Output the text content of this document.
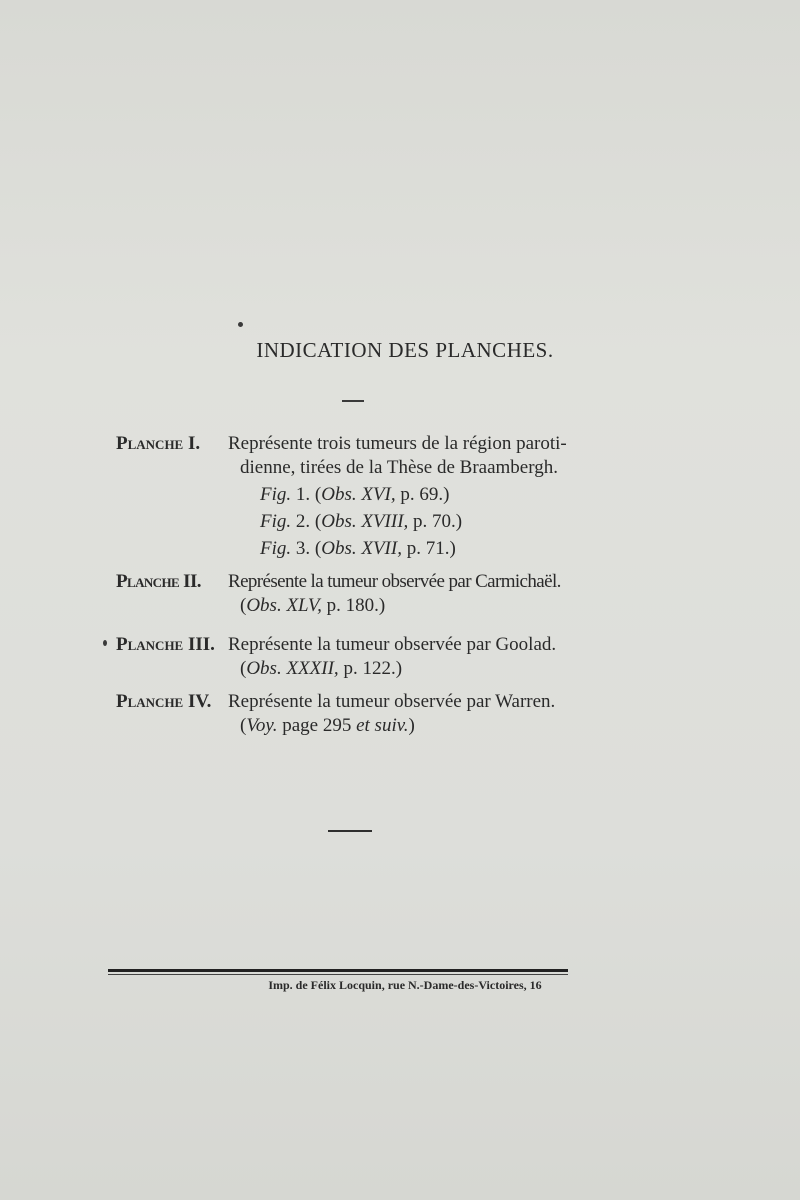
INDICATION DES PLANCHES.
Planche I. Représente trois tumeurs de la région paroti-
dienne, tirées de la Thèse de Braambergh.
Fig. 1. (Obs. XVI, p. 69.)
Fig. 2. (Obs. XVIII, p. 70.)
Fig. 3. (Obs. XVII, p. 71.)
Planche II. Représente la tumeur observée par Carmichaël.
(Obs. XLV, p. 180.)
Planche III. Représente la tumeur observée par Goolad.
(Obs. XXXII, p. 122.)
Planche IV. Représente la tumeur observée par Warren.
(Voy. page 295 et suiv.)
Imp. de Félix Locquin, rue N.-Dame-des-Victoires, 16
